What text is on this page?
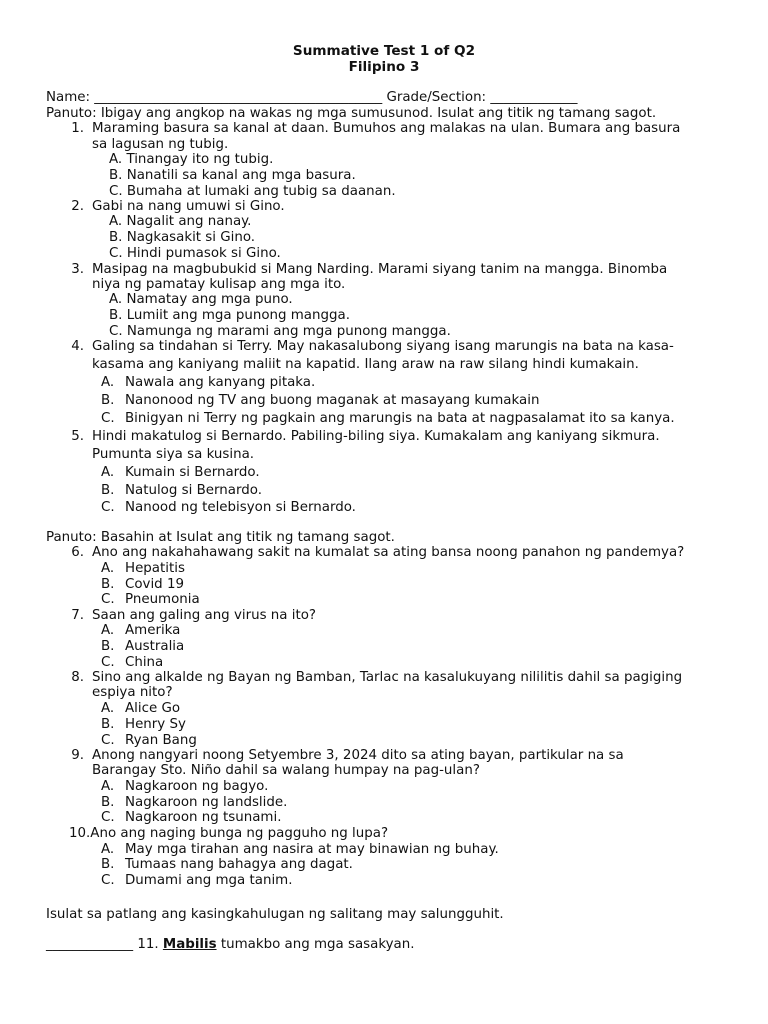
Summative Test 1 of Q2
Filipino 3
Name: ___________________________________________ Grade/Section: _____________
Panuto: Ibigay ang angkop na wakas ng mga sumusunod. Isulat ang titik ng tamang sagot.
1. Maraming basura sa kanal at daan. Bumuhos ang malakas na ulan. Bumara ang basura
sa lagusan ng tubig.
A. Tinangay ito ng tubig.
B. Nanatili sa kanal ang mga basura.
C. Bumaha at lumaki ang tubig sa daanan.
2. Gabi na nang umuwi si Gino.
A. Nagalit ang nanay.
B. Nagkasakit si Gino.
C. Hindi pumasok si Gino.
3. Masipag na magbubukid si Mang Narding. Marami siyang tanim na mangga. Binomba
niya ng pamatay kulisap ang mga ito.
A. Namatay ang mga puno.
B. Lumiit ang mga punong mangga.
C. Namunga ng marami ang mga punong mangga.
4. Galing sa tindahan si Terry. May nakasalubong siyang isang marungis na bata na kasa-
kasama ang kaniyang maliit na kapatid. Ilang araw na raw silang hindi kumakain.
A. Nawala ang kanyang pitaka.
B. Nanonood ng TV ang buong maganak at masayang kumakain
C. Binigyan ni Terry ng pagkain ang marungis na bata at nagpasalamat ito sa kanya.
5. Hindi makatulog si Bernardo. Pabiling-biling siya. Kumakalam ang kaniyang sikmura.
Pumunta siya sa kusina.
A. Kumain si Bernardo.
B. Natulog si Bernardo.
C. Nanood ng telebisyon si Bernardo.
Panuto: Basahin at Isulat ang titik ng tamang sagot.
6. Ano ang nakahahawang sakit na kumalat sa ating bansa noong panahon ng pandemya?
A. Hepatitis
B. Covid 19
C. Pneumonia
7. Saan ang galing ang virus na ito?
A. Amerika
B. Australia
C. China
8. Sino ang alkalde ng Bayan ng Bamban, Tarlac na kasalukuyang nililitis dahil sa pagiging
espiya nito?
A. Alice Go
B. Henry Sy
C. Ryan Bang
9. Anong nangyari noong Setyembre 3, 2024 dito sa ating bayan, partikular na sa
Barangay Sto. Niño dahil sa walang humpay na pag-ulan?
A. Nagkaroon ng bagyo.
B. Nagkaroon ng landslide.
C. Nagkaroon ng tsunami.
10.Ano ang naging bunga ng pagguho ng lupa?
A. May mga tirahan ang nasira at may binawian ng buhay.
B. Tumaas nang bahagya ang dagat.
C. Dumami ang mga tanim.
Isulat sa patlang ang kasingkahulugan ng salitang may salungguhit.
_____________ 11. Mabilis tumakbo ang mga sasakyan.
